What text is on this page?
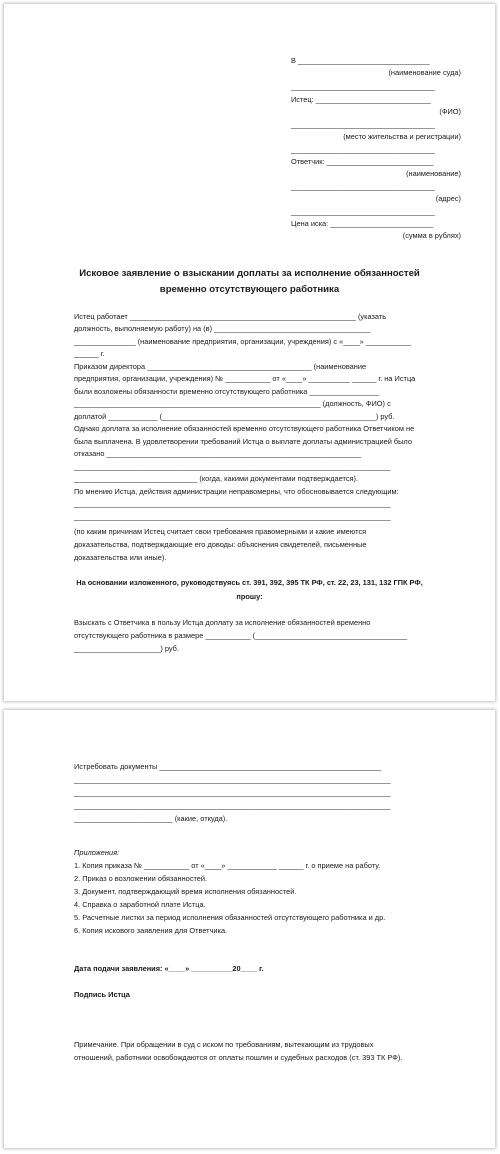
В ________________________________
(наименование суда)
___________________________________
Истец: ____________________________
(ФИО)
___________________________________
(место жительства и регистрации)
___________________________________
Ответчик: __________________________
(наименование)
___________________________________
(адрес)
___________________________________
Цена иска: _________________________
(сумма в рублях)
Исковое заявление о взыскании доплаты за исполнение обязанностей
временно отсутствующего работника
Истец работает _______________________________________________________ (указать
должность, выполняемую работу) на (в) ______________________________________
_______________ (наименование предприятия, организации, учреждения) с «____» ___________
______ г.
Приказом директора ________________________________________ (наименование
предприятия, организации, учреждения) № ___________ от «____» __________ ______ г. на Истца
были возложены обязанности временно отсутствующего работника _________________
____________________________________________________________ (должность, ФИО) с
доплатой ____________ (____________________________________________________) руб.
Однако доплата за исполнение обязанностей временно отсутствующего работника Ответчиком не
была выплачена. В удовлетворении требований Истца о выплате доплаты администрацией было
отказано ______________________________________________________________
_____________________________________________________________________________
______________________________ (когда, какими документами подтверждается).
По мнению Истца, действия администрации неправомерны, что обосновывается следующим:
_____________________________________________________________________________
_____________________________________________________________________________
(по каким причинам Истец считает свои требования правомерными и какие имеются
доказательства, подтверждающие его доводы: объяснения свидетелей, письменные
доказательства или иные).
На основании изложенного, руководствуясь ст. 391, 392, 395 ТК РФ, ст. 22, 23, 131, 132 ГПК РФ,
прошу:
Взыскать с Ответчика в пользу Истца доплату за исполнение обязанностей временно
отсутствующего работника в размере ___________ (_____________________________________
_____________________) руб.
Истребовать документы ______________________________________________________
_____________________________________________________________________________
_____________________________________________________________________________
_____________________________________________________________________________
________________________ (какие, откуда).
Приложения:
1. Копия приказа № ___________ от «____» ____________ ______ г. о приеме на работу.
2. Приказ о возложении обязанностей.
3. Документ, подтверждающий время исполнения обязанностей.
4. Справка о заработной плате Истца.
5. Расчетные листки за период исполнения обязанностей отсутствующего работника и др.
6. Копия искового заявления для Ответчика.
Дата подачи заявления: «____» __________20____ г.
Подпись Истца
Примечание. При обращении в суд с иском по требованиям, вытекающим из трудовых
отношений, работники освобождаются от оплаты пошлин и судебных расходов (ст. 393 ТК РФ).
